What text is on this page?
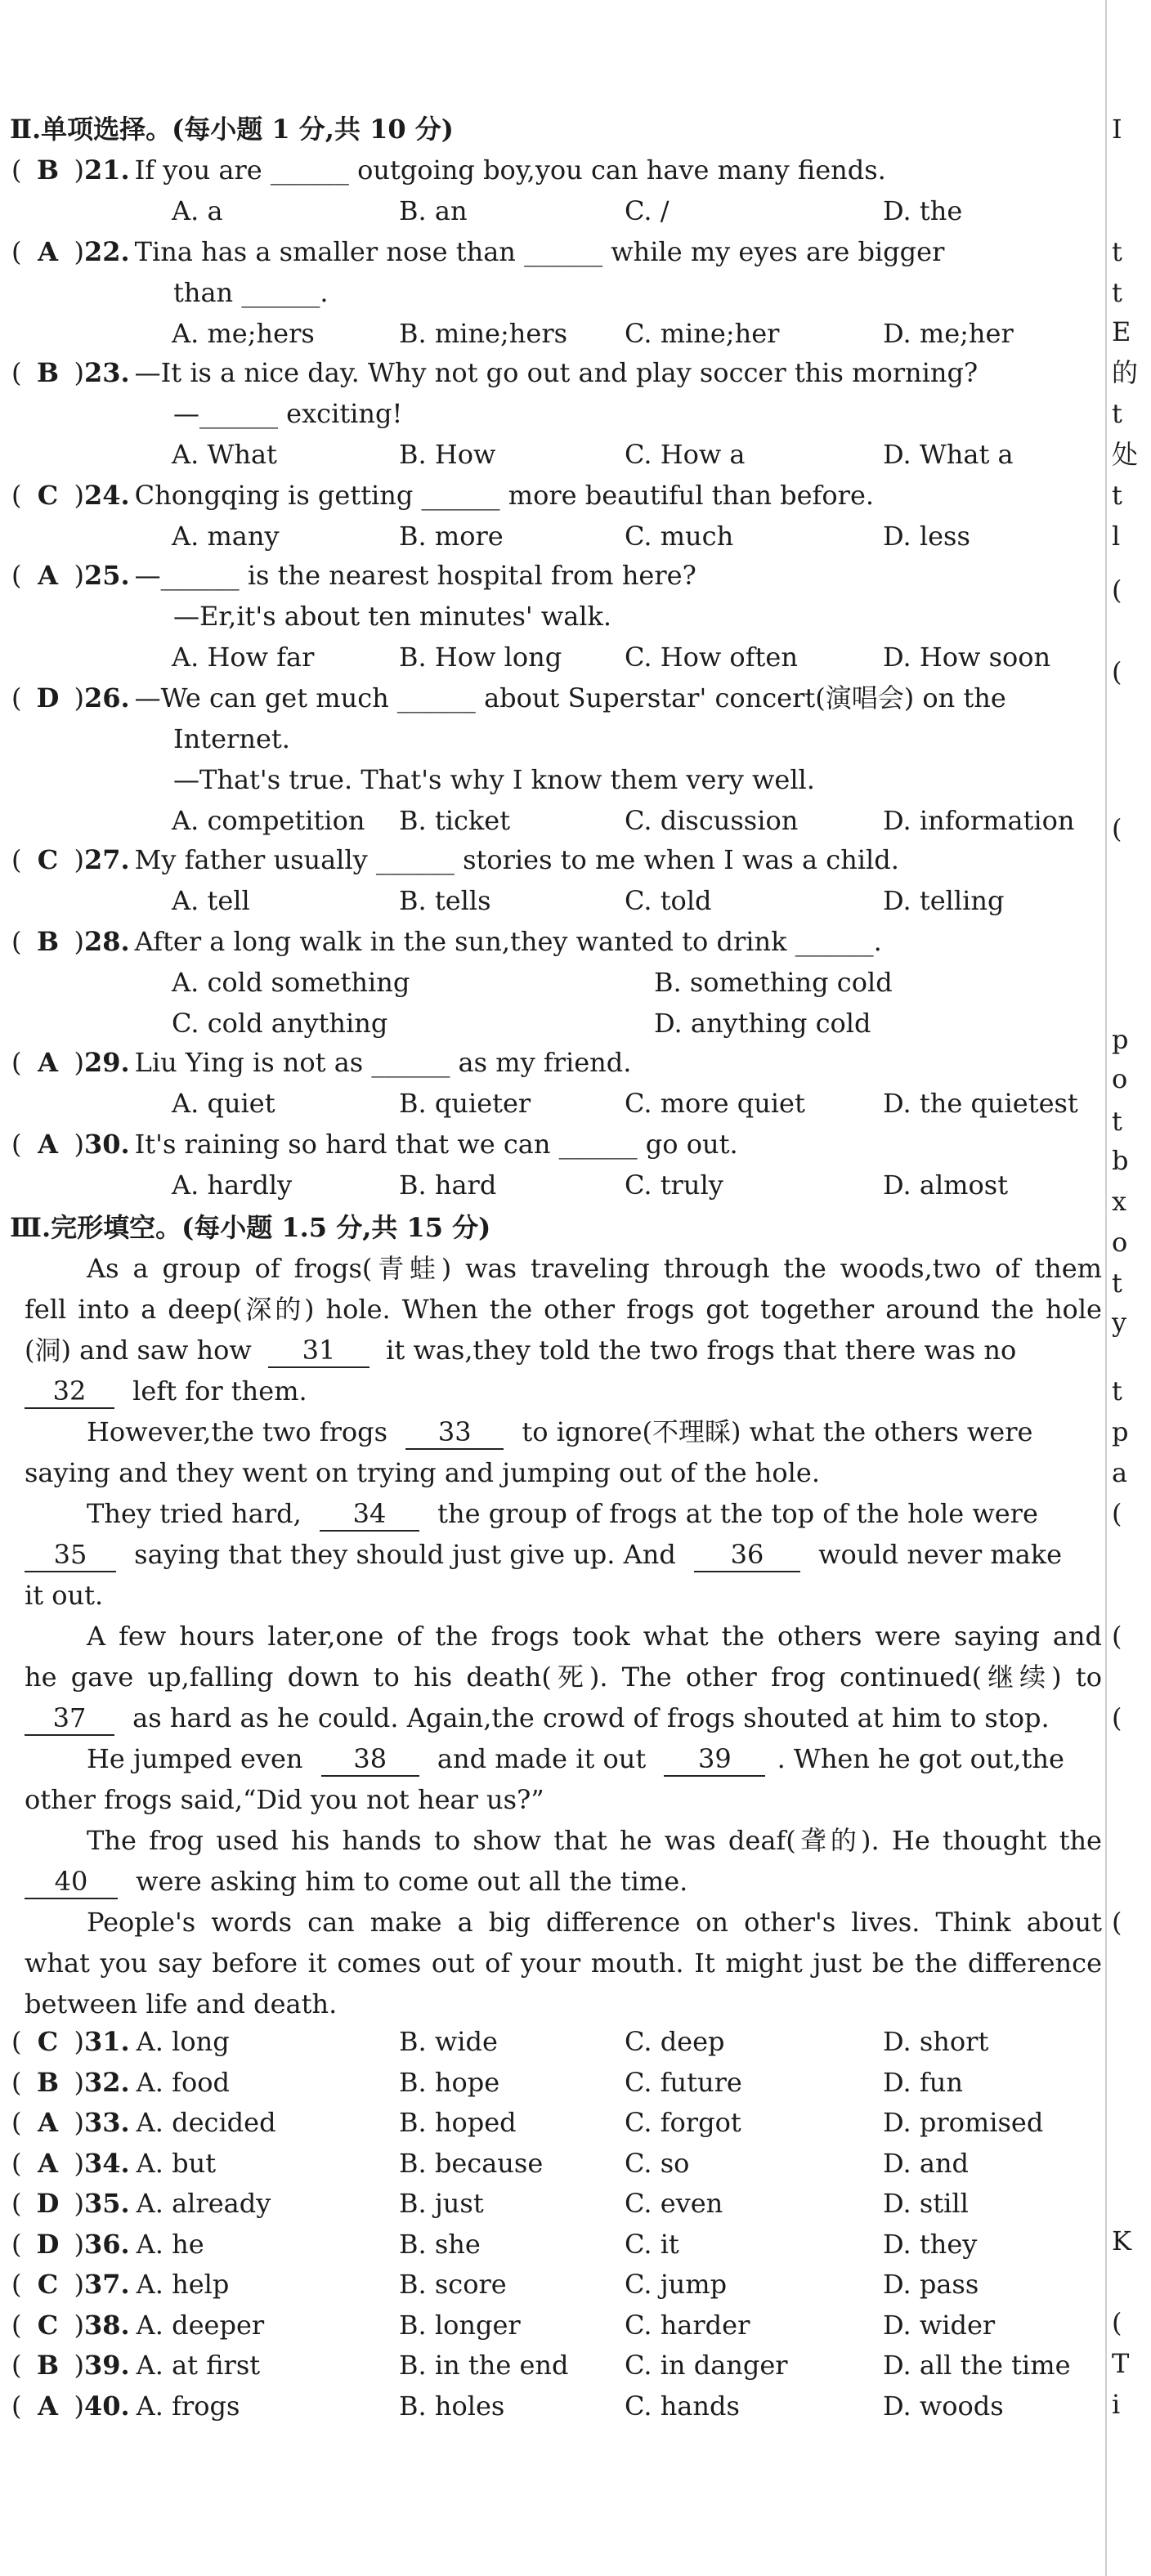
Ⅱ.单项选择。(每小题 1 分,共 10 分)
( B )21. If you are ______ outgoing boy,you can have many fiends.
A. a	B. an	C. /	D. the
( A )22. Tina has a smaller nose than ______ while my eyes are bigger
than ______.
A. me;hers	B. mine;hers C. mine;her	D. me;her
( B )23. —It is a nice day. Why not go out and play soccer this morning?
—______ exciting!
A. What	B. How	C. How a	D. What a
( C )24. Chongqing is getting ______ more beautiful than before.
A. many	B. more	C. much	D. less
( A )25. —______ is the nearest hospital from here?
—Er,it's about ten minutes' walk.
A. How far	B. How long C. How often	D. How soon
( D )26. —We can get much ______ about Superstar' concert(演唱会) on the
Internet.
—That's true. That's why I know them very well.
A. competition B. ticket	C. discussion	D. information
( C )27. My father usually ______ stories to me when I was a child.
A. tell	B. tells	C. told	D. telling
( B )28. After a long walk in the sun,they wanted to drink ______.
A. cold something	B. something cold
C. cold anything	D. anything cold
( A )29. Liu Ying is not as ______ as my friend.
A. quiet	B. quieter	C. more quiet	D. the quietest
( A )30. It's raining so hard that we can ______ go out.
A. hardly	B. hard	C. truly	D. almost
Ⅲ.完形填空。(每小题 1.5 分,共 15 分)
As a group of frogs(青蛙) was traveling through the woods,two of them
fell into a deep(深的) hole. When the other frogs got together around the hole
(洞) and saw how 31 it was,they told the two frogs that there was no
32 left for them.
However,the two frogs 33 to ignore(不理睬) what the others were
saying and they went on trying and jumping out of the hole.
They tried hard, 34 the group of frogs at the top of the hole were
35 saying that they should just give up. And 36 would never make
it out.
A few hours later,one of the frogs took what the others were saying and
he gave up,falling down to his death(死). The other frog continued(继续) to
37 as hard as he could. Again,the crowd of frogs shouted at him to stop.
He jumped even 38 and made it out 39 . When he got out,the
other frogs said,“Did you not hear us?”
The frog used his hands to show that he was deaf(聋的). He thought the
40 were asking him to come out all the time.
People's words can make a big difference on other's lives. Think about
what you say before it comes out of your mouth. It might just be the difference
between life and death.
( C )31. A. long	B. wide	C. deep	D. short
( B )32. A. food	B. hope	C. future	D. fun
( A )33. A. decided	B. hoped	C. forgot	D. promised
( A )34. A. but	B. because	C. so	D. and
( D )35. A. already	B. just	C. even	D. still
( D )36. A. he	B. she	C. it	D. they
( C )37. A. help	B. score	C. jump	D. pass
( C )38. A. deeper	B. longer	C. harder	D. wider
( B )39. A. at first	B. in the end C. in danger	D. all the time
( A )40. A. frogs	B. holes	C. hands	D. woods
I
t
t
E
的
t
处
t
l
(
(
(
p
o
t
b
x
o
t
y
t
p
a
(
(
(
(
K
(
T
i
